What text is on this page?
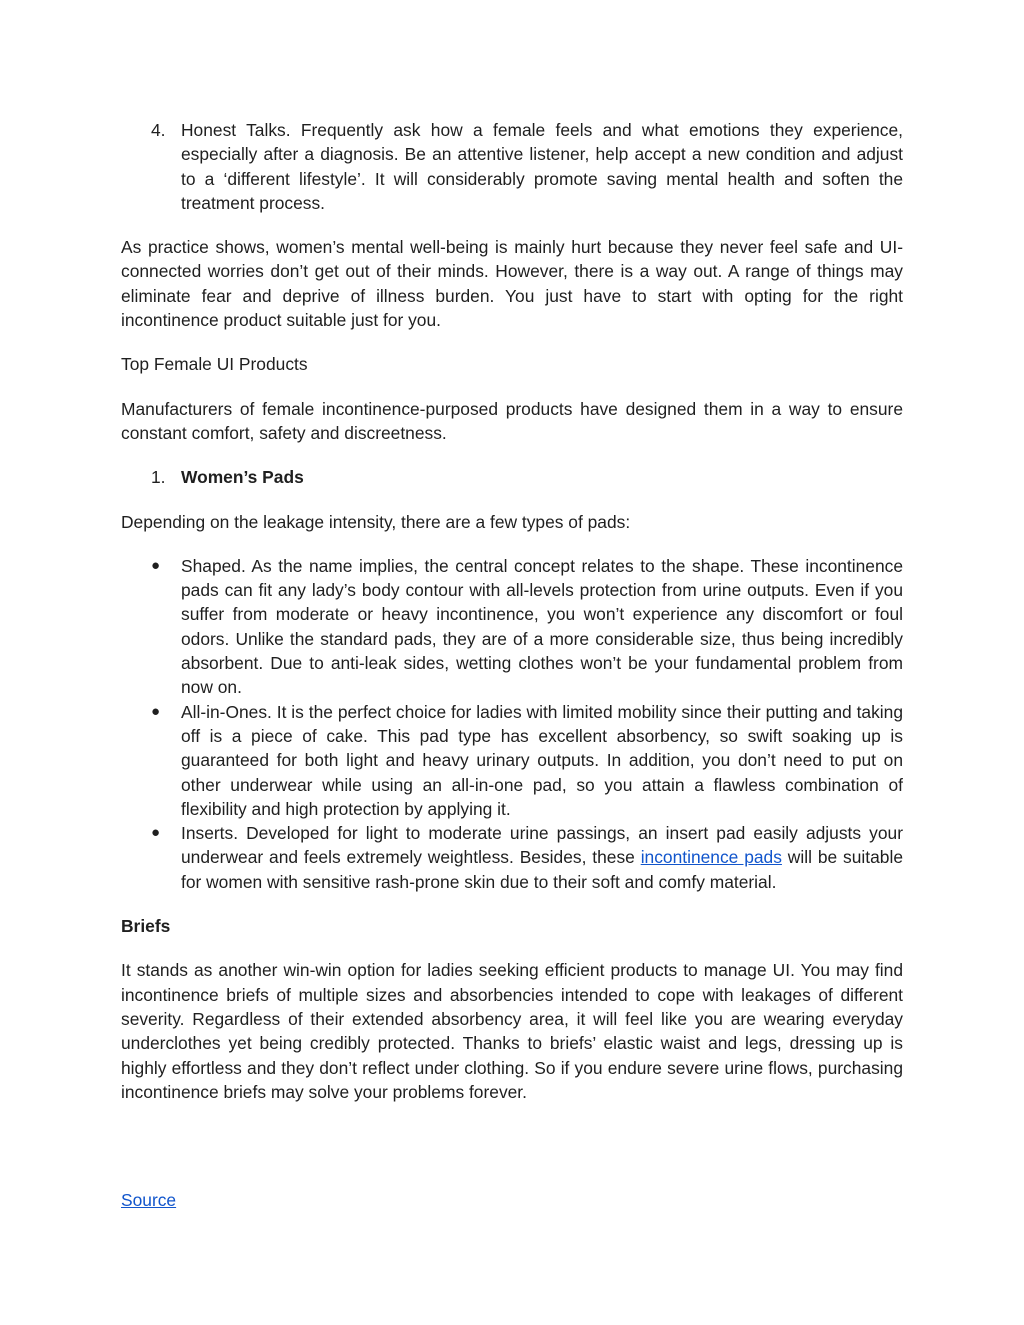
4. Honest Talks. Frequently ask how a female feels and what emotions they experience, especially after a diagnosis. Be an attentive listener, help accept a new condition and adjust to a ‘different lifestyle’. It will considerably promote saving mental health and soften the treatment process.

As practice shows, women’s mental well-being is mainly hurt because they never feel safe and UI-connected worries don’t get out of their minds. However, there is a way out. A range of things may eliminate fear and deprive of illness burden. You just have to start with opting for the right incontinence product suitable just for you.

Top Female UI Products

Manufacturers of female incontinence-purposed products have designed them in a way to ensure constant comfort, safety and discreetness.

1. Women’s Pads

Depending on the leakage intensity, there are a few types of pads:

● Shaped. As the name implies, the central concept relates to the shape. These incontinence pads can fit any lady’s body contour with all-levels protection from urine outputs. Even if you suffer from moderate or heavy incontinence, you won’t experience any discomfort or foul odors. Unlike the standard pads, they are of a more considerable size, thus being incredibly absorbent. Due to anti-leak sides, wetting clothes won’t be your fundamental problem from now on.

● All-in-Ones. It is the perfect choice for ladies with limited mobility since their putting and taking off is a piece of cake. This pad type has excellent absorbency, so swift soaking up is guaranteed for both light and heavy urinary outputs. In addition, you don’t need to put on other underwear while using an all-in-one pad, so you attain a flawless combination of flexibility and high protection by applying it.

● Inserts. Developed for light to moderate urine passings, an insert pad easily adjusts your underwear and feels extremely weightless. Besides, these incontinence pads will be suitable for women with sensitive rash-prone skin due to their soft and comfy material.

Briefs

It stands as another win-win option for ladies seeking efficient products to manage UI. You may find incontinence briefs of multiple sizes and absorbencies intended to cope with leakages of different severity. Regardless of their extended absorbency area, it will feel like you are wearing everyday underclothes yet being credibly protected. Thanks to briefs’ elastic waist and legs, dressing up is highly effortless and they don’t reflect under clothing. So if you endure severe urine flows, purchasing incontinence briefs may solve your problems forever.

Source
